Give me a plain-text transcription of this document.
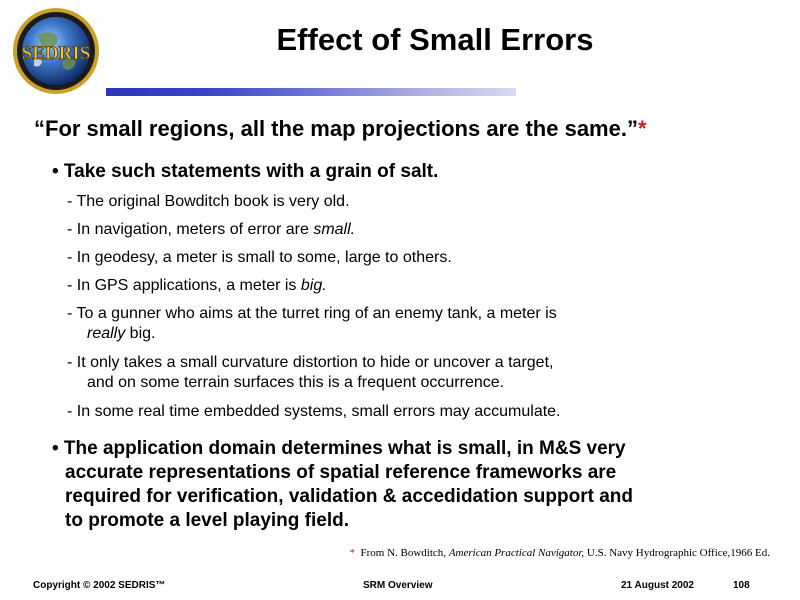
SEDRIS	Effect of Small Errors
“For small regions, all the map projections are the same.”*
• Take such statements with a grain of salt.
- The original Bowditch book is very old.
- In navigation, meters of error are small.
- In geodesy, a meter is small to some, large to others.
- In GPS applications, a meter is big.
- To a gunner who aims at the turret ring of an enemy tank, a meter is
really big.
- It only takes a small curvature distortion to hide or uncover a target,
and on some terrain surfaces this is a frequent occurrence.
- In some real time embedded systems, small errors may accumulate.
• The application domain determines what is small, in M&S very
accurate representations of spatial reference frameworks are
required for verification, validation & accedidation support and
to promote a level playing field.
* From N. Bowditch, American Practical Navigator, U.S. Navy Hydrographic Office,1966 Ed.
Copyright © 2002 SEDRIS™	SRM Overview	21 August 2002	108
